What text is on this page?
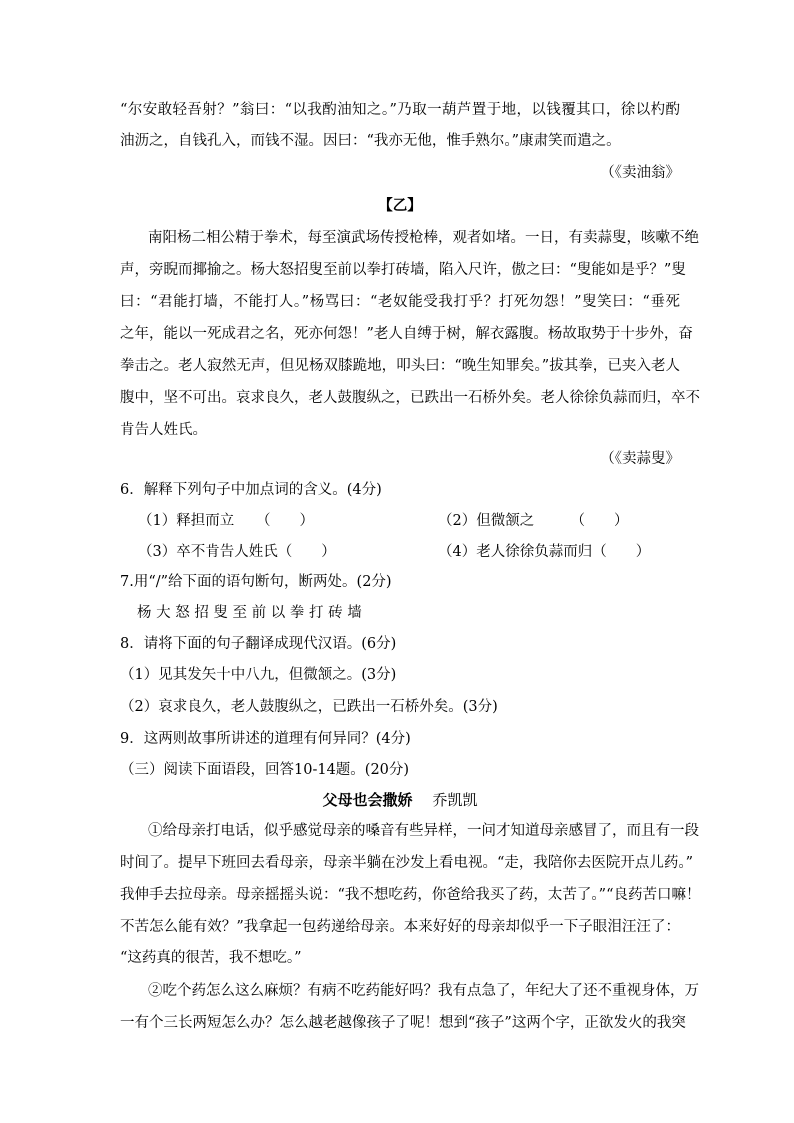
“尔安敢轻吾射？”翁曰：“以我酌油知之。”乃取一葫芦置于地，以钱覆其口，徐以杓酌
油沥之，自钱孔入，而钱不湿。因曰：“我亦无他，惟手熟尔。”康肃笑而遣之。
（《卖油翁》
【乙】
南阳杨二相公精于拳术，每至演武场传授枪棒，观者如堵。一日，有卖蒜叟，咳嗽不绝
声，旁睨而揶揄之。杨大怒招叟至前以拳打砖墙，陷入尺许，傲之曰：“叟能如是乎？”叟
曰：“君能打墙，不能打人。”杨骂曰：“老奴能受我打乎？打死勿怨！”叟笑曰：“垂死
之年，能以一死成君之名，死亦何怨！”老人自缚于树，解衣露腹。杨故取势于十步外，奋
拳击之。老人寂然无声，但见杨双膝跪地，叩头曰：“晚生知罪矣。”拔其拳，已夹入老人
腹中，坚不可出。哀求良久，老人鼓腹纵之，已跌出一石桥外矣。老人徐徐负蒜而归，卒不
肯告人姓氏。
（《卖蒜叟》
6．解释下列句子中加点词的含义。(4分)
（1）释担而立　　（　　）	（2）但微颔之　　　（　　）
（3）卒不肯告人姓氏（　　）	（4）老人徐徐负蒜而归（　　）
7.用“/”给下面的语句断句，断两处。(2分)
杨 大 怒 招 叟 至 前 以 拳 打 砖 墙
8．请将下面的句子翻译成现代汉语。(6分)
（1）见其发矢十中八九，但微颔之。(3分)
（2）哀求良久，老人鼓腹纵之，已跌出一石桥外矣。(3分)
9．这两则故事所讲述的道理有何异同？(4分)
（三）阅读下面语段，回答10-14题。(20分)
父母也会撒娇 乔凯凯
①给母亲打电话，似乎感觉母亲的嗓音有些异样，一问才知道母亲感冒了，而且有一段
时间了。提早下班回去看母亲，母亲半躺在沙发上看电视。“走，我陪你去医院开点儿药。”
我伸手去拉母亲。母亲摇摇头说：“我不想吃药，你爸给我买了药，太苦了。”“良药苦口嘛！
不苦怎么能有效？”我拿起一包药递给母亲。本来好好的母亲却似乎一下子眼泪汪汪了：
“这药真的很苦，我不想吃。”
②吃个药怎么这么麻烦？有病不吃药能好吗？我有点急了，年纪大了还不重视身体，万
一有个三长两短怎么办？怎么越老越像孩子了呢！想到“孩子”这两个字，正欲发火的我突
